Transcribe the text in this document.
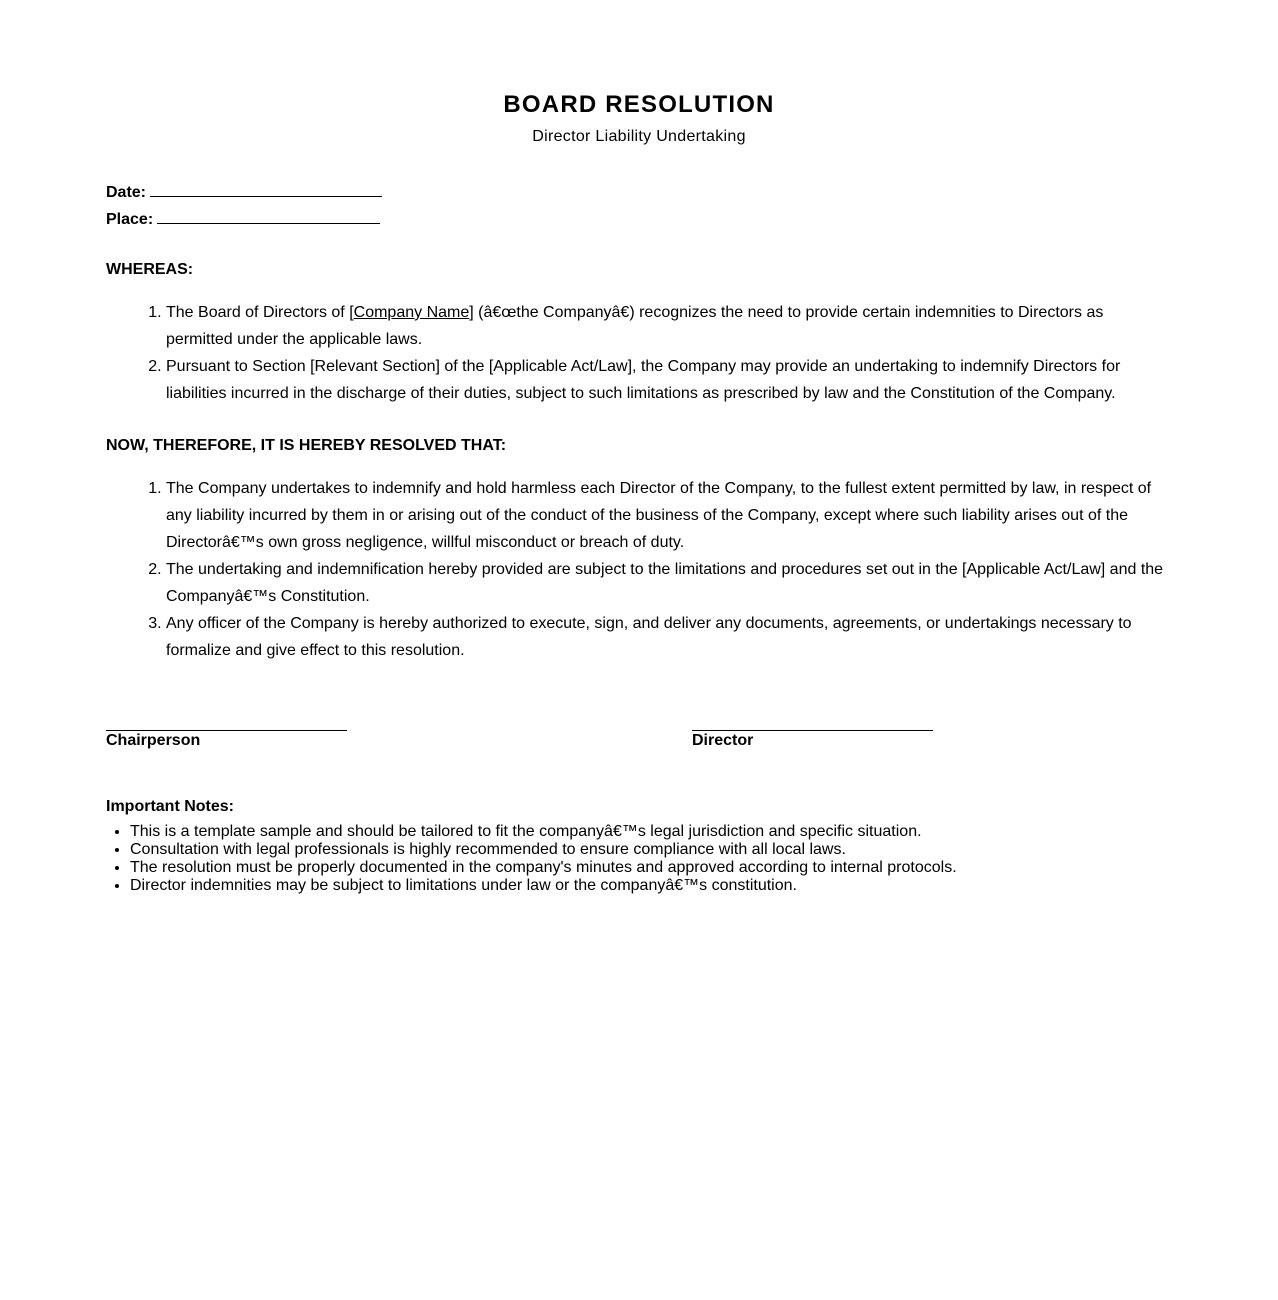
BOARD RESOLUTION
Director Liability Undertaking
Date:
Place:
WHEREAS:
1. The Board of Directors of [Company Name] (â€œthe Companyâ€) recognizes the need to provide certain indemnities to Directors as permitted under the applicable laws.
2. Pursuant to Section [Relevant Section] of the [Applicable Act/Law], the Company may provide an undertaking to indemnify Directors for liabilities incurred in the discharge of their duties, subject to such limitations as prescribed by law and the Constitution of the Company.
NOW, THEREFORE, IT IS HEREBY RESOLVED THAT:
1. The Company undertakes to indemnify and hold harmless each Director of the Company, to the fullest extent permitted by law, in respect of any liability incurred by them in or arising out of the conduct of the business of the Company, except where such liability arises out of the Directorâ€™s own gross negligence, willful misconduct or breach of duty.
2. The undertaking and indemnification hereby provided are subject to the limitations and procedures set out in the [Applicable Act/Law] and the Companyâ€™s Constitution.
3. Any officer of the Company is hereby authorized to execute, sign, and deliver any documents, agreements, or undertakings necessary to formalize and give effect to this resolution.
Chairperson	Director
Important Notes:
• This is a template sample and should be tailored to fit the companyâ€™s legal jurisdiction and specific situation.
• Consultation with legal professionals is highly recommended to ensure compliance with all local laws.
• The resolution must be properly documented in the company's minutes and approved according to internal protocols.
• Director indemnities may be subject to limitations under law or the companyâ€™s constitution.
